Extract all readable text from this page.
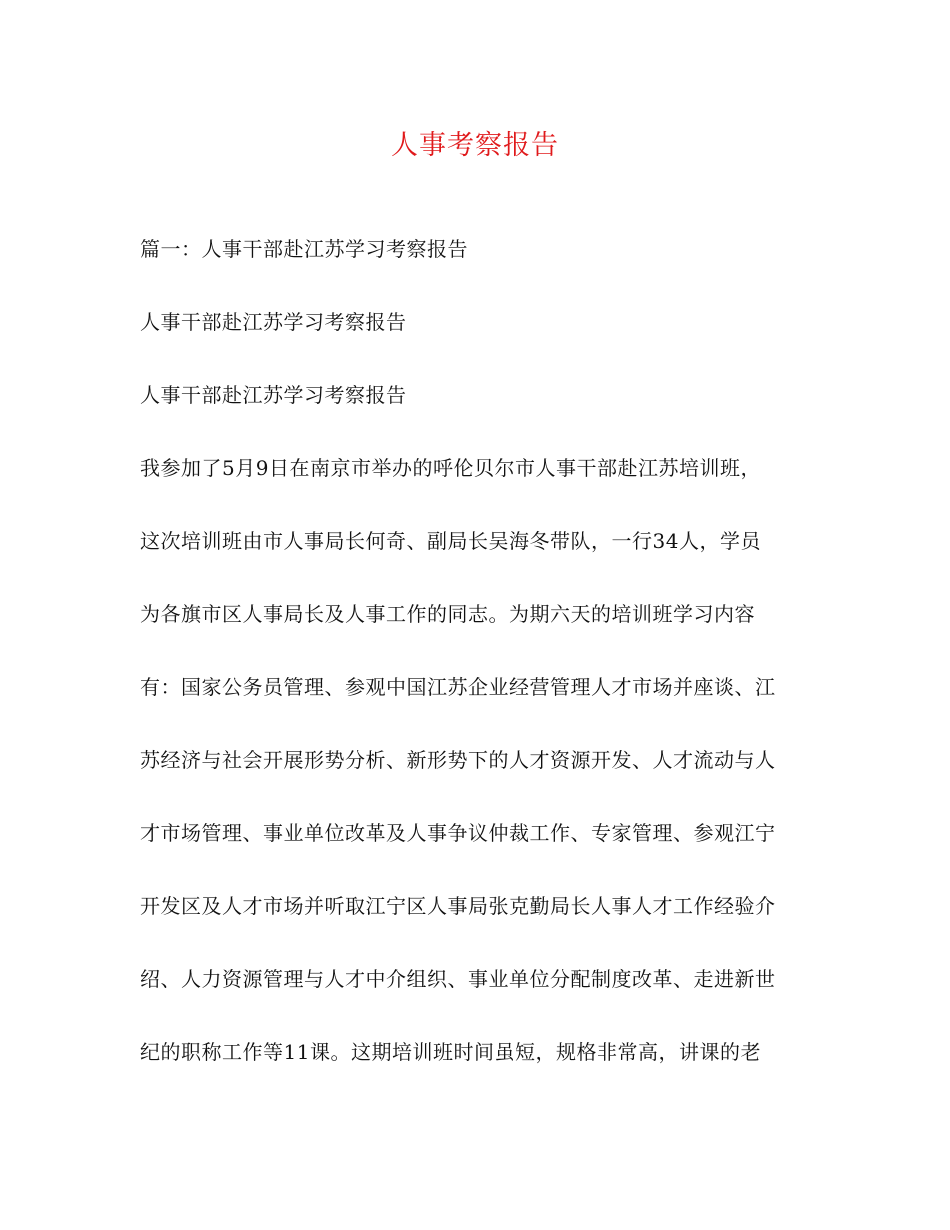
人事考察报告
篇一：人事干部赴江苏学习考察报告
人事干部赴江苏学习考察报告
人事干部赴江苏学习考察报告
我参加了5月9日在南京市举办的呼伦贝尔市人事干部赴江苏培训班，
这次培训班由市人事局长何奇、副局长吴海冬带队，一行34人，学员
为各旗市区人事局长及人事工作的同志。为期六天的培训班学习内容
有：国家公务员管理、参观中国江苏企业经营管理人才市场并座谈、江
苏经济与社会开展形势分析、新形势下的人才资源开发、人才流动与人
才市场管理、事业单位改革及人事争议仲裁工作、专家管理、参观江宁
开发区及人才市场并听取江宁区人事局张克勤局长人事人才工作经验介
绍、人力资源管理与人才中介组织、事业单位分配制度改革、走进新世
纪的职称工作等11课。这期培训班时间虽短，规格非常高，讲课的老
